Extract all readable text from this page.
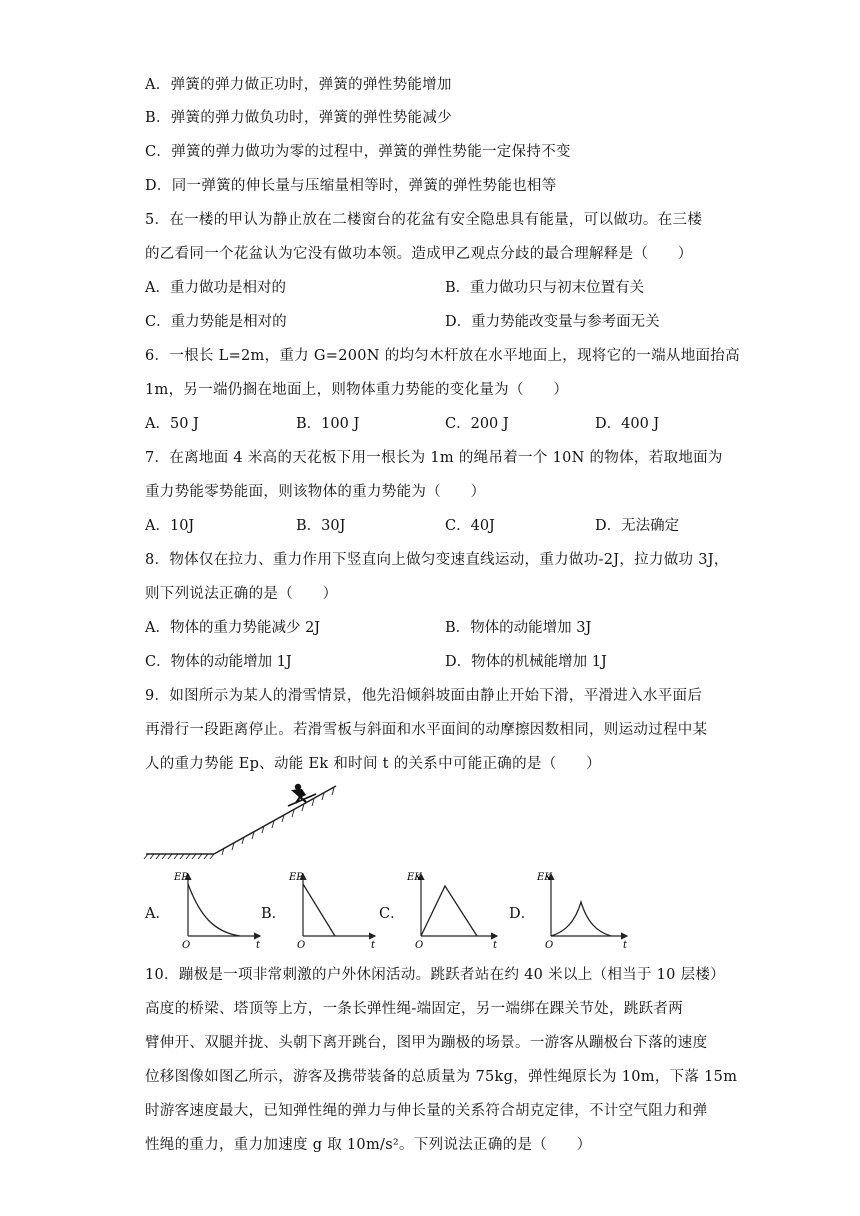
A．弹簧的弹力做正功时，弹簧的弹性势能增加
B．弹簧的弹力做负功时，弹簧的弹性势能减少
C．弹簧的弹力做功为零的过程中，弹簧的弹性势能一定保持不变
D．同一弹簧的伸长量与压缩量相等时，弹簧的弹性势能也相等
5．在一楼的甲认为静止放在二楼窗台的花盆有安全隐患具有能量，可以做功。在三楼
的乙看同一个花盆认为它没有做功本领。造成甲乙观点分歧的最合理解释是（　　）
A．重力做功是相对的	B．重力做功只与初末位置有关
C．重力势能是相对的	D．重力势能改变量与参考面无关
6．一根长 L=2m，重力 G=200N 的均匀木杆放在水平地面上，现将它的一端从地面抬高
1m，另一端仍搁在地面上，则物体重力势能的变化量为（　　）
A．50 J	B．100 J	C．200 J	D．400 J
7．在离地面 4 米高的天花板下用一根长为 1m 的绳吊着一个 10N 的物体，若取地面为
重力势能零势能面，则该物体的重力势能为（　　）
A．10J	B．30J	C．40J	D．无法确定
8．物体仅在拉力、重力作用下竖直向上做匀变速直线运动，重力做功-2J，拉力做功 3J，
则下列说法正确的是（　　）
A．物体的重力势能减少 2J	B．物体的动能增加 3J
C．物体的动能增加 1J	D．物体的机械能增加 1J
9．如图所示为某人的滑雪情景，他先沿倾斜坡面由静止开始下滑，平滑进入水平面后
再滑行一段距离停止。若滑雪板与斜面和水平面间的动摩擦因数相同，则运动过程中某
人的重力势能 Ep、动能 Ek 和时间 t 的关系中可能正确的是（　　）
A．	B．	C．	D．
EP
O	t
EP
O	t
EK
O	t
EK
O	t
10．蹦极是一项非常刺激的户外休闲活动。跳跃者站在约 40 米以上（相当于 10 层楼）
高度的桥梁、塔顶等上方，一条长弹性绳-端固定，另一端绑在踝关节处，跳跃者两
臂伸开、双腿并拢、头朝下离开跳台，图甲为蹦极的场景。一游客从蹦极台下落的速度
位移图像如图乙所示，游客及携带装备的总质量为 75kg，弹性绳原长为 10m，下落 15m
时游客速度最大，已知弹性绳的弹力与伸长量的关系符合胡克定律，不计空气阻力和弹
性绳的重力，重力加速度 g 取 10m/s²。下列说法正确的是（　　）
